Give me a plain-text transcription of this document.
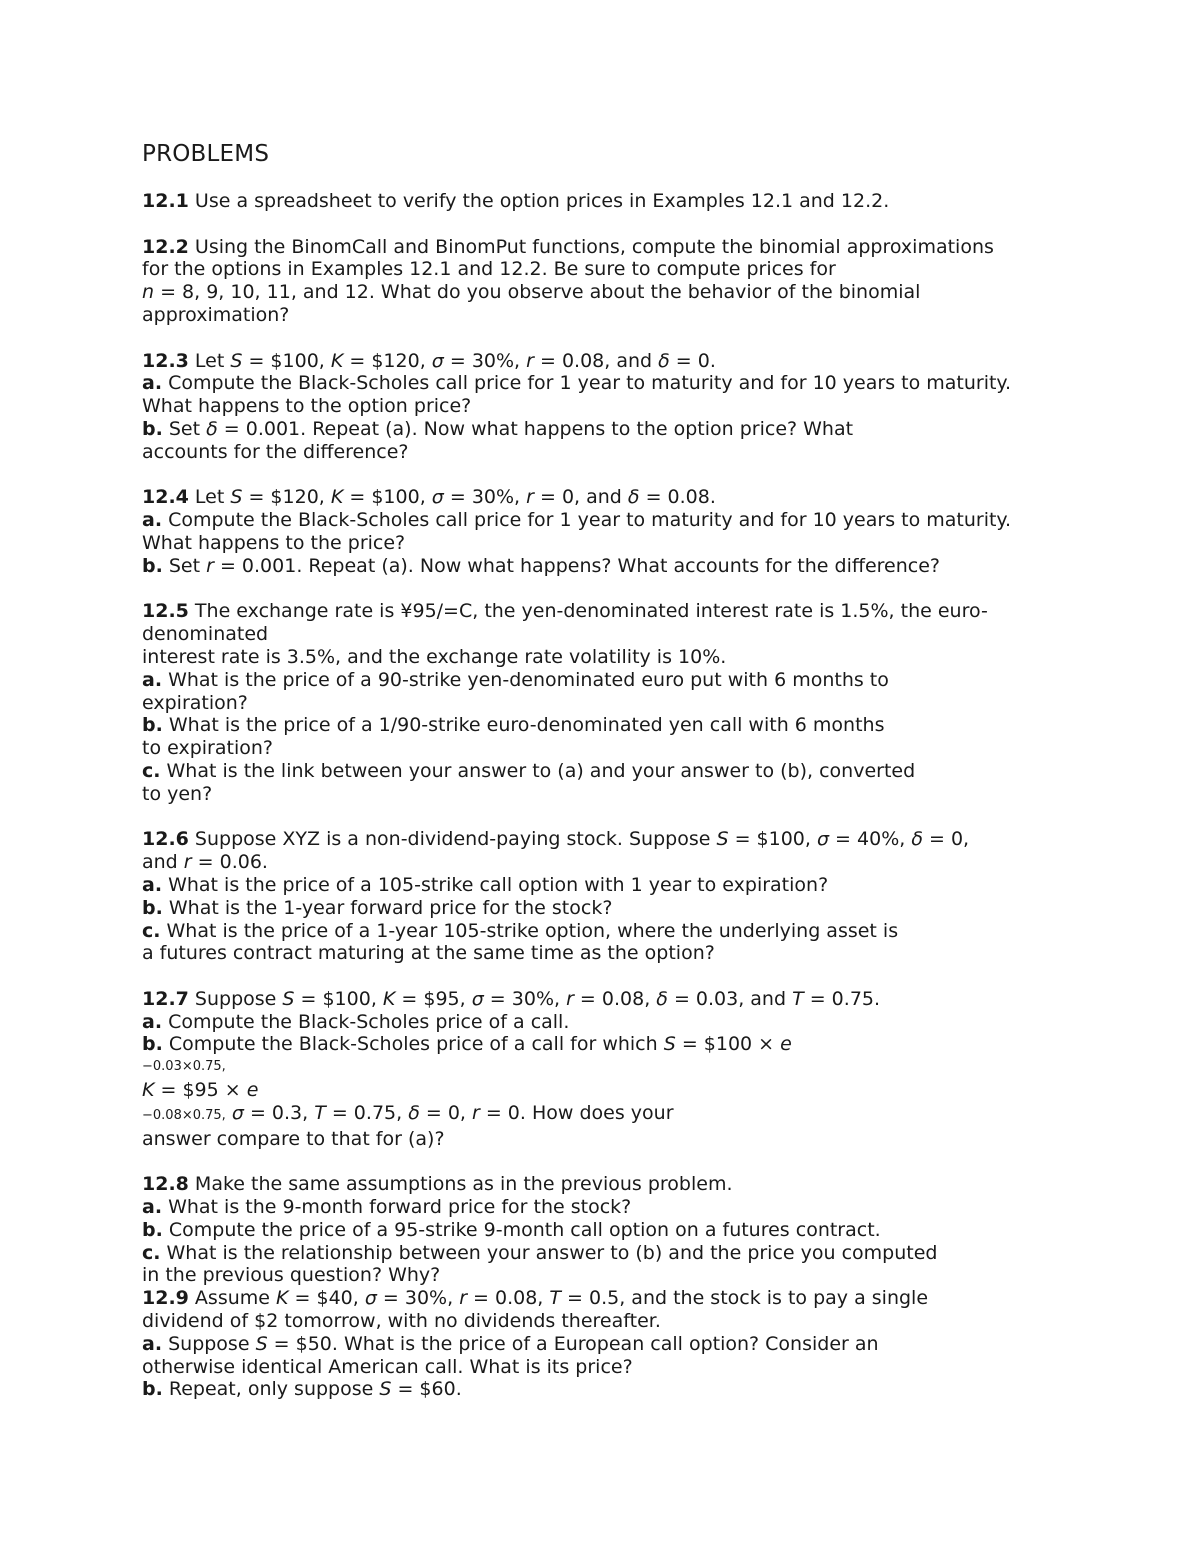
PROBLEMS
12.1 Use a spreadsheet to verify the option prices in Examples 12.1 and 12.2.
12.2 Using the BinomCall and BinomPut functions, compute the binomial approximations
for the options in Examples 12.1 and 12.2. Be sure to compute prices for
n = 8, 9, 10, 11, and 12. What do you observe about the behavior of the binomial
approximation?
12.3 Let S = $100, K = $120, σ = 30%, r = 0.08, and δ = 0.
a. Compute the Black-Scholes call price for 1 year to maturity and for 10 years to maturity.
What happens to the option price?
b. Set δ = 0.001. Repeat (a). Now what happens to the option price? What
accounts for the difference?
12.4 Let S = $120, K = $100, σ = 30%, r = 0, and δ = 0.08.
a. Compute the Black-Scholes call price for 1 year to maturity and for 10 years to maturity.
What happens to the price?
b. Set r = 0.001. Repeat (a). Now what happens? What accounts for the difference?
12.5 The exchange rate is ¥95/=C, the yen-denominated interest rate is 1.5%, the euro-
denominated
interest rate is 3.5%, and the exchange rate volatility is 10%.
a. What is the price of a 90-strike yen-denominated euro put with 6 months to
expiration?
b. What is the price of a 1/90-strike euro-denominated yen call with 6 months
to expiration?
c. What is the link between your answer to (a) and your answer to (b), converted
to yen?
12.6 Suppose XYZ is a non-dividend-paying stock. Suppose S = $100, σ = 40%, δ = 0,
and r = 0.06.
a. What is the price of a 105-strike call option with 1 year to expiration?
b. What is the 1-year forward price for the stock?
c. What is the price of a 1-year 105-strike option, where the underlying asset is
a futures contract maturing at the same time as the option?
12.7 Suppose S = $100, K = $95, σ = 30%, r = 0.08, δ = 0.03, and T = 0.75.
a. Compute the Black-Scholes price of a call.
b. Compute the Black-Scholes price of a call for which S = $100 × e
−0.03×0.75,
K = $95 × e
−0.08×0.75, σ = 0.3, T = 0.75, δ = 0, r = 0. How does your
answer compare to that for (a)?
12.8 Make the same assumptions as in the previous problem.
a. What is the 9-month forward price for the stock?
b. Compute the price of a 95-strike 9-month call option on a futures contract.
c. What is the relationship between your answer to (b) and the price you computed
in the previous question? Why?
12.9 Assume K = $40, σ = 30%, r = 0.08, T = 0.5, and the stock is to pay a single
dividend of $2 tomorrow, with no dividends thereafter.
a. Suppose S = $50. What is the price of a European call option? Consider an
otherwise identical American call. What is its price?
b. Repeat, only suppose S = $60.
